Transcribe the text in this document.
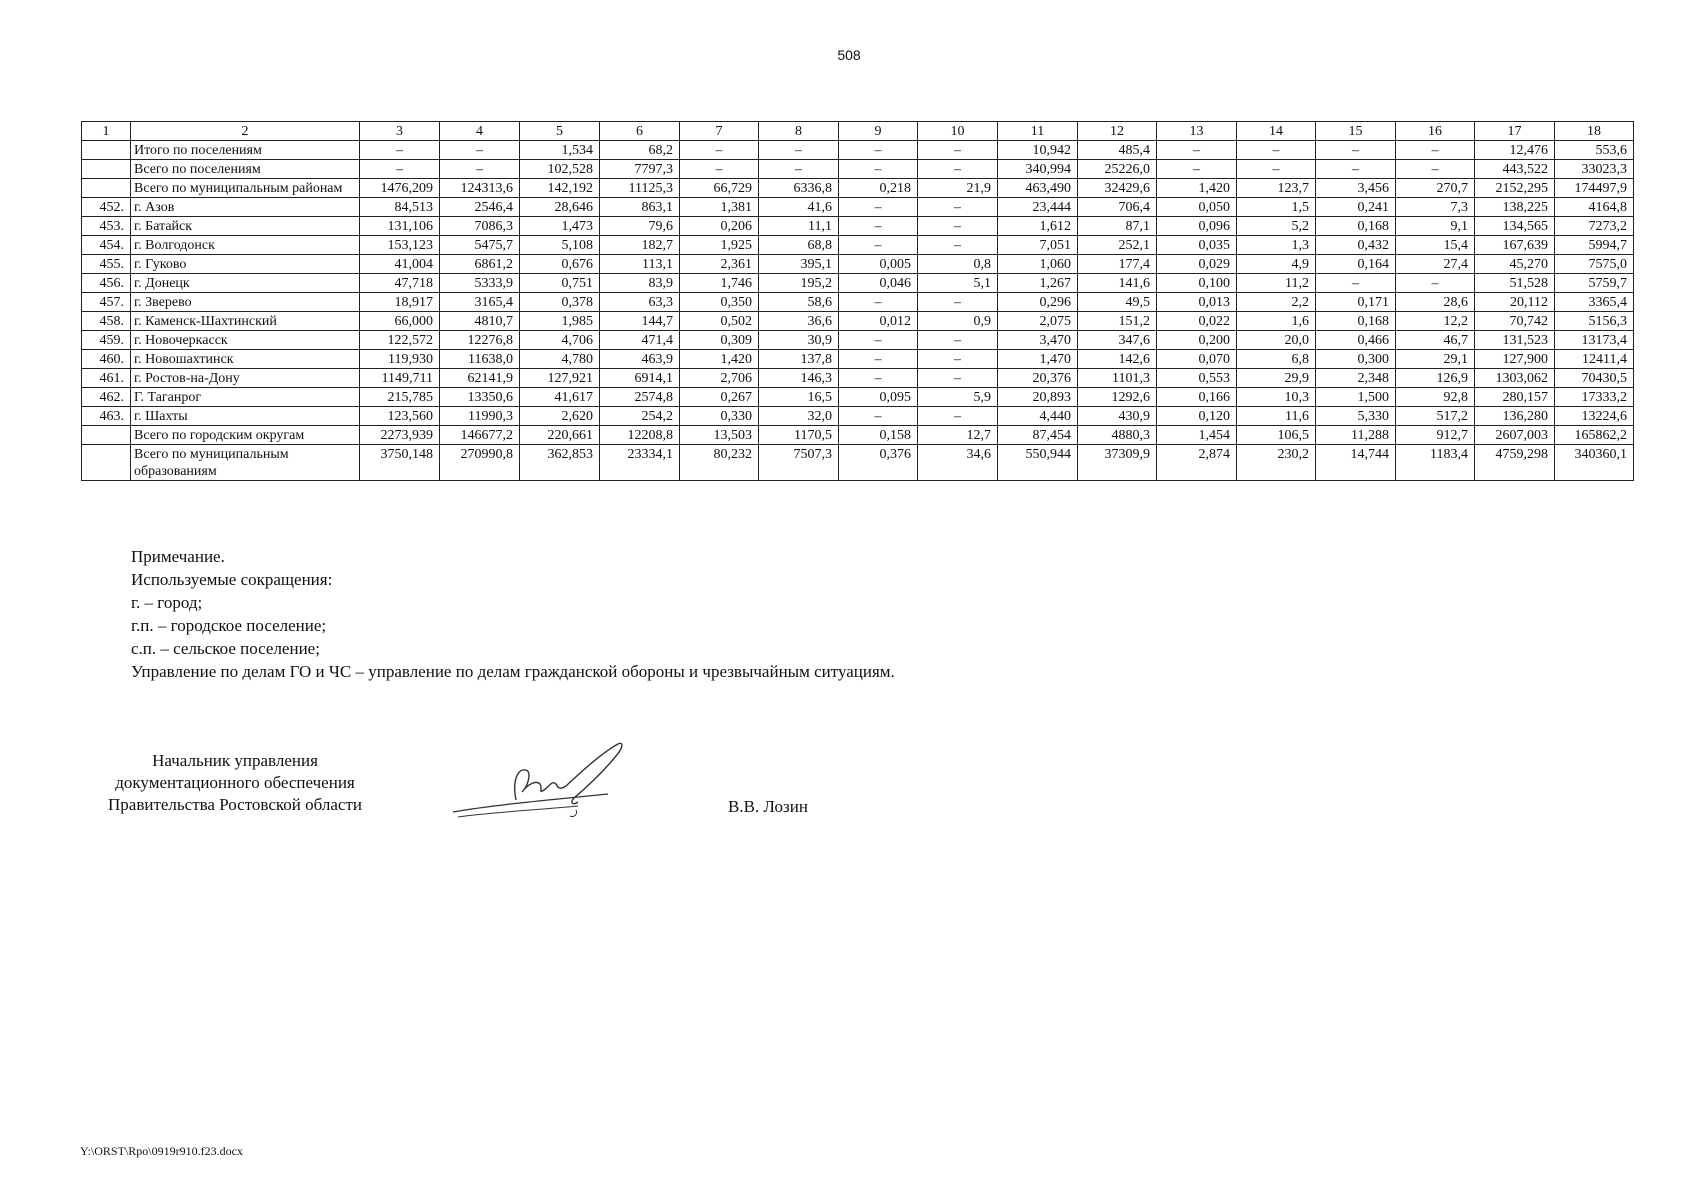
508
1	2	3	4	5	6	7	8	9	10	11	12	13	14	15	16	17	18
	Итого по поселениям	–	–	1,534	68,2	–	–	–	–	10,942	485,4	–	–	–	–	12,476	553,6
	Всего по поселениям	–	–	102,528	7797,3	–	–	–	–	340,994	25226,0	–	–	–	–	443,522	33023,3
	Всего по муниципальным районам	1476,209	124313,6	142,192	11125,3	66,729	6336,8	0,218	21,9	463,490	32429,6	1,420	123,7	3,456	270,7	2152,295	174497,9
452.	г. Азов	84,513	2546,4	28,646	863,1	1,381	41,6	–	–	23,444	706,4	0,050	1,5	0,241	7,3	138,225	4164,8
453.	г. Батайск	131,106	7086,3	1,473	79,6	0,206	11,1	–	–	1,612	87,1	0,096	5,2	0,168	9,1	134,565	7273,2
454.	г. Волгодонск	153,123	5475,7	5,108	182,7	1,925	68,8	–	–	7,051	252,1	0,035	1,3	0,432	15,4	167,639	5994,7
455.	г. Гуково	41,004	6861,2	0,676	113,1	2,361	395,1	0,005	0,8	1,060	177,4	0,029	4,9	0,164	27,4	45,270	7575,0
456.	г. Донецк	47,718	5333,9	0,751	83,9	1,746	195,2	0,046	5,1	1,267	141,6	0,100	11,2	–	–	51,528	5759,7
457.	г. Зверево	18,917	3165,4	0,378	63,3	0,350	58,6	–	–	0,296	49,5	0,013	2,2	0,171	28,6	20,112	3365,4
458.	г. Каменск-Шахтинский	66,000	4810,7	1,985	144,7	0,502	36,6	0,012	0,9	2,075	151,2	0,022	1,6	0,168	12,2	70,742	5156,3
459.	г. Новочеркасск	122,572	12276,8	4,706	471,4	0,309	30,9	–	–	3,470	347,6	0,200	20,0	0,466	46,7	131,523	13173,4
460.	г. Новошахтинск	119,930	11638,0	4,780	463,9	1,420	137,8	–	–	1,470	142,6	0,070	6,8	0,300	29,1	127,900	12411,4
461.	г. Ростов-на-Дону	1149,711	62141,9	127,921	6914,1	2,706	146,3	–	–	20,376	1101,3	0,553	29,9	2,348	126,9	1303,062	70430,5
462.	Г. Таганрог	215,785	13350,6	41,617	2574,8	0,267	16,5	0,095	5,9	20,893	1292,6	0,166	10,3	1,500	92,8	280,157	17333,2
463.	г. Шахты	123,560	11990,3	2,620	254,2	0,330	32,0	–	–	4,440	430,9	0,120	11,6	5,330	517,2	136,280	13224,6
	Всего по городским округам	2273,939	146677,2	220,661	12208,8	13,503	1170,5	0,158	12,7	87,454	4880,3	1,454	106,5	11,288	912,7	2607,003	165862,2
	Всего по муниципальным образованиям	3750,148	270990,8	362,853	23334,1	80,232	7507,3	0,376	34,6	550,944	37309,9	2,874	230,2	14,744	1183,4	4759,298	340360,1
Примечание.
Используемые сокращения:
г. – город;
г.п. – городское поселение;
с.п. – сельское поселение;
Управление по делам ГО и ЧС – управление по делам гражданской обороны и чрезвычайным ситуациям.
Начальник управления
документационного обеспечения
Правительства Ростовской области	В.В. Лозин
Y:\ORST\Rpo\0919r910.f23.docx
